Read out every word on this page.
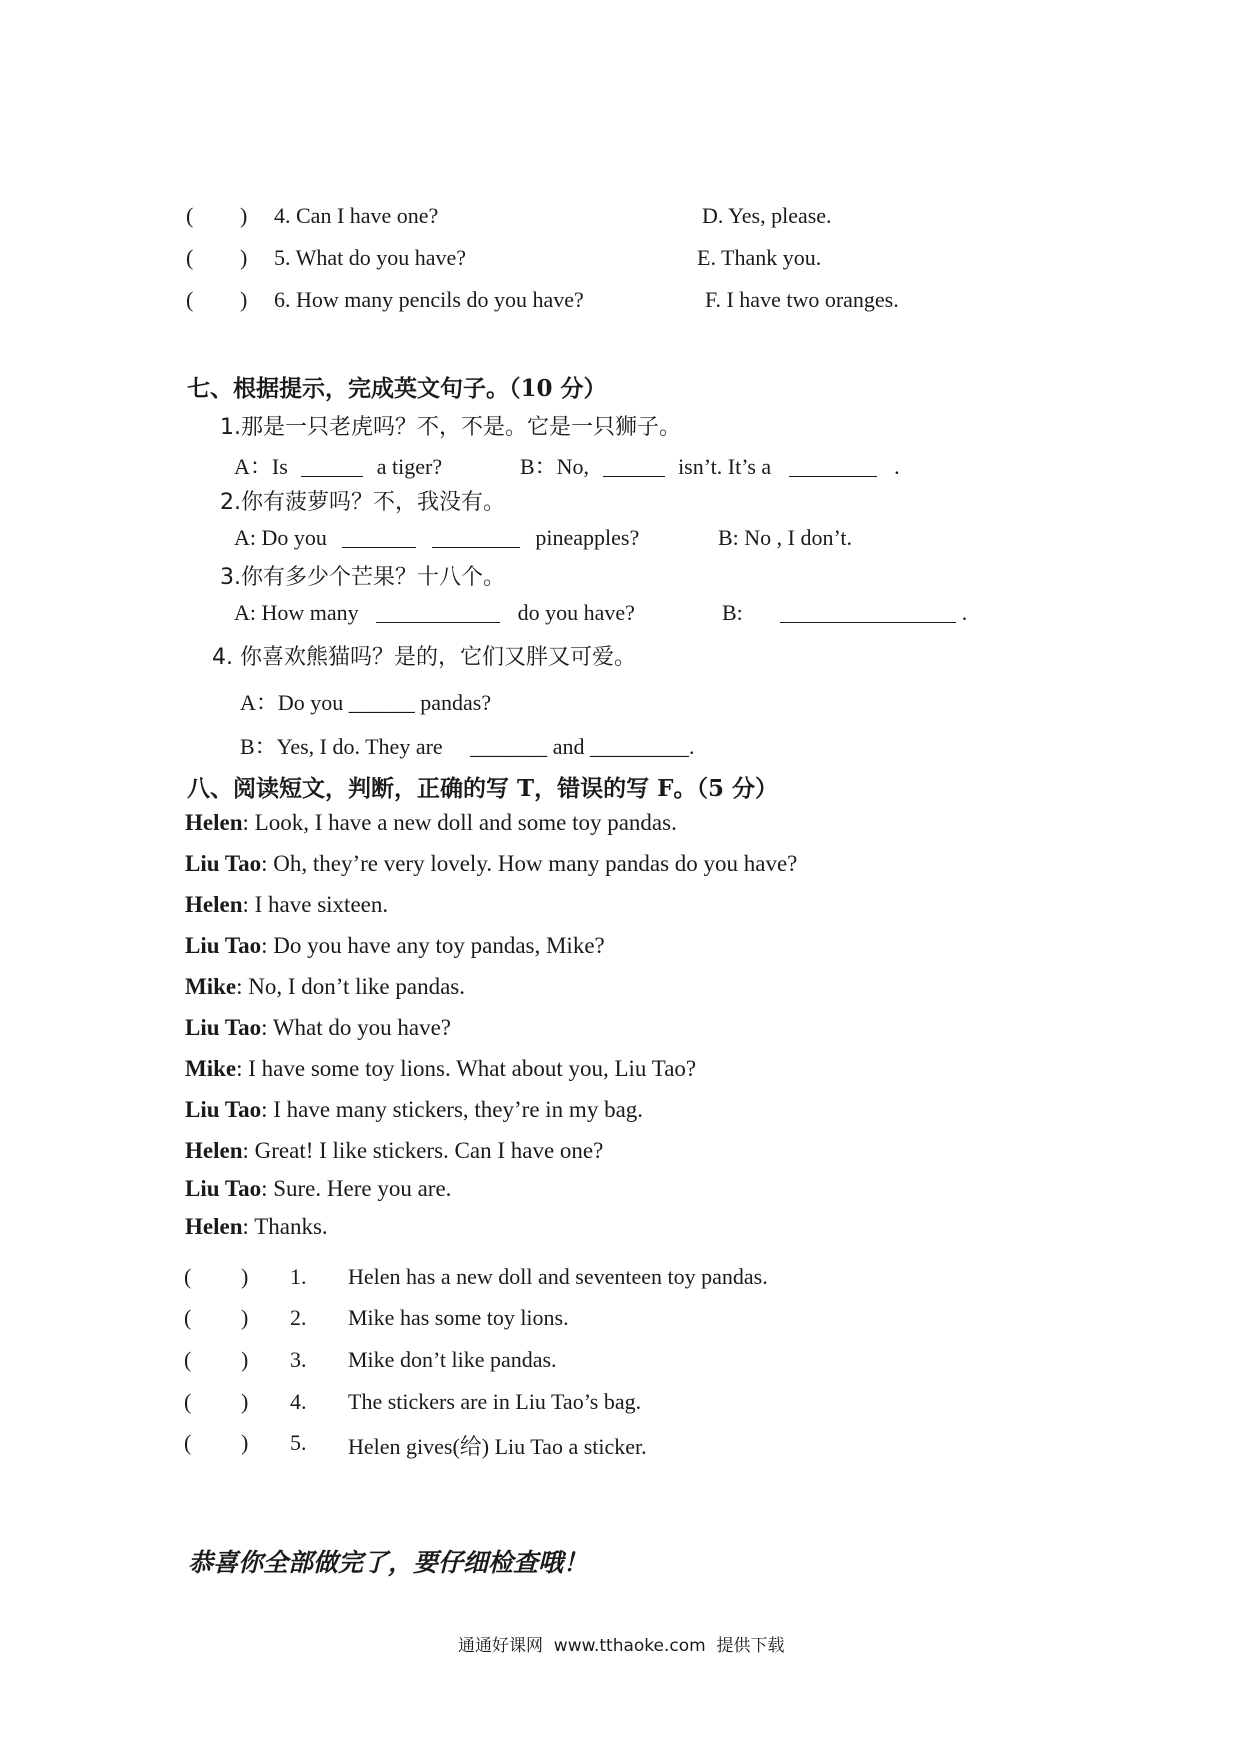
( ) 4. Can I have one?	D. Yes, please.
( ) 5. What do you have?	E. Thank you.
( ) 6. How many pencils do you have?	F. I have two oranges.
七、根据提示，完成英文句子。（10 分）
1.那是一只老虎吗？不，不是。它是一只狮子。
A：Is	a tiger?	B：No,	isn’t. It’s a	.
2.你有菠萝吗？不，我没有。
A: Do you	pineapples?	B: No , I don’t.
3.你有多少个芒果？十八个。
A: How many	do you have?	B:	.
4. 你喜欢熊猫吗？是的，它们又胖又可爱。
A：Do you ______ pandas?
B：Yes, I do. They are _______ and _________.
八、阅读短文，判断，正确的写 T，错误的写 F。（5 分）
Helen: Look, I have a new doll and some toy pandas.
Liu Tao: Oh, they’re very lovely. How many pandas do you have?
Helen: I have sixteen.
Liu Tao: Do you have any toy pandas, Mike?
Mike: No, I don’t like pandas.
Liu Tao: What do you have?
Mike: I have some toy lions. What about you, Liu Tao?
Liu Tao: I have many stickers, they’re in my bag.
Helen: Great! I like stickers. Can I have one?
Liu Tao: Sure. Here you are.
Helen: Thanks.
( ) 1. Helen has a new doll and seventeen toy pandas.
( ) 2. Mike has some toy lions.
( ) 3. Mike don’t like pandas.
( ) 4. The stickers are in Liu Tao’s bag.
( ) 5. Helen gives(给) Liu Tao a sticker.
恭喜你全部做完了，要仔细检查哦！
通通好课网  www.tthaoke.com  提供下载
